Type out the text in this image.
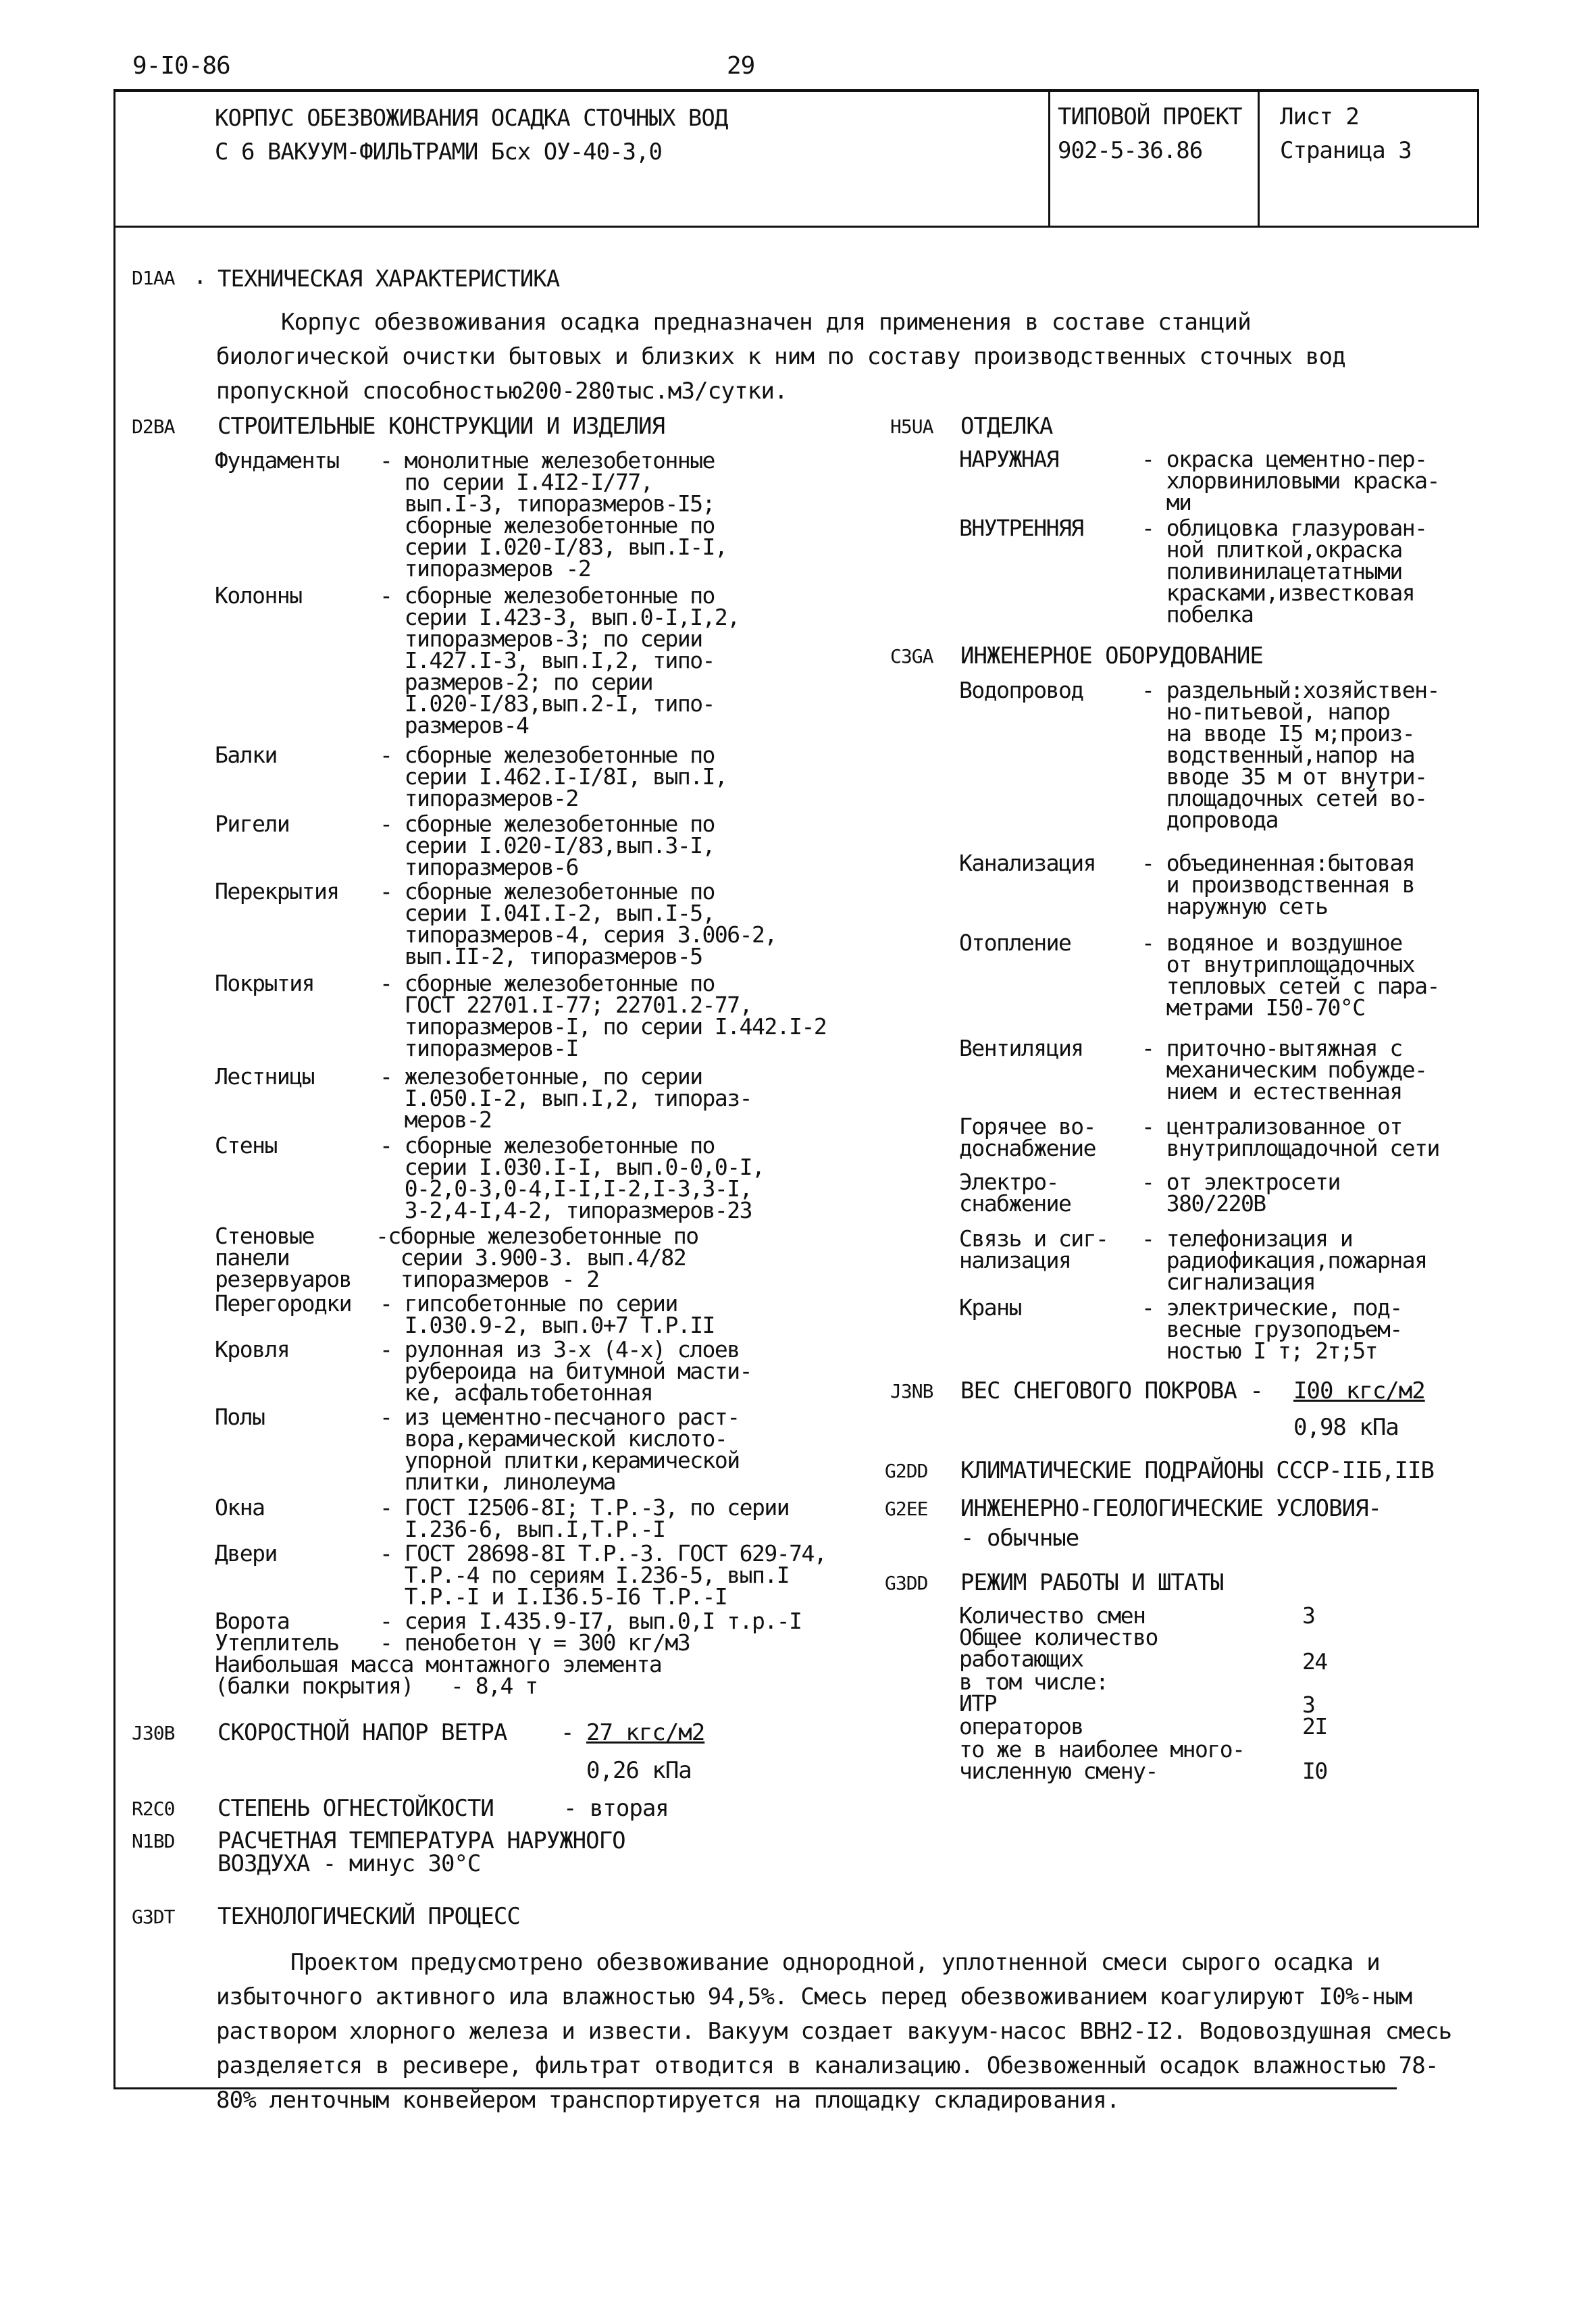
9-I0-86	29
КОРПУС ОБЕЗВОЖИВАНИЯ ОСАДКА СТОЧНЫХ ВОД
С 6 ВАКУУМ-ФИЛЬТРАМИ Бсх ОУ-40-3,0
ТИПОВОЙ ПРОЕКТ
902-5-36.86
Лист 2
Страница 3
D1АА . ТЕХНИЧЕСКАЯ ХАРАКТЕРИСТИКА
Корпус обезвоживания осадка предназначен для применения в составе станций биологической очистки бытовых и близких к ним по составу производственных сточных вод пропускной способностью200-280тыс.м3/сутки.
D2ВА СТРОИТЕЛЬНЫЕ КОНСТРУКЦИИ И ИЗДЕЛИЯ
Фундаменты - монолитные железобетонные
по серии I.4I2-I/77,
вып.I-3, типоразмеров-I5;
сборные железобетонные по
серии I.020-I/83, вып.I-I,
типоразмеров -2
Колонны	- сборные железобетонные по
серии I.423-3, вып.0-I,I,2,
типоразмеров-3; по серии
I.427.I-3, вып.I,2, типо-
размеров-2; по серии
I.020-I/83,вып.2-I, типо-
размеров-4
Балки	- сборные железобетонные по
серии I.462.I-I/8I, вып.I,
типоразмеров-2
Ригели	- сборные железобетонные по
серии I.020-I/83,вып.3-I,
типоразмеров-6
Перекрытия - сборные железобетонные по
серии I.04I.I-2, вып.I-5,
типоразмеров-4, серия 3.006-2,
вып.II-2, типоразмеров-5
Покрытия	- сборные железобетонные по
ГОСТ 22701.I-77; 22701.2-77,
типоразмеров-I, по серии I.442.I-2
типоразмеров-I
Лестницы	- железобетонные, по серии
I.050.I-2, вып.I,2, типораз-
меров-2
Стены	- сборные железобетонные по
серии I.030.I-I, вып.0-0,0-I,
0-2,0-3,0-4,I-I,I-2,I-3,3-I,
3-2,4-I,4-2, типоразмеров-23
Стеновые
панели
резервуаров
-сборные железобетонные по
серии 3.900-3. вып.4/82
типоразмеров - 2
Перегородки - гипсобетонные по серии
I.030.9-2, вып.0+7 Т.Р.II
Кровля	- рулонная из 3-х (4-х) слоев
рубероида на битумной масти-
ке, асфальтобетонная
Полы	- из цементно-песчаного раст-
вора,керамической кислото-
упорной плитки,керамической
плитки, линолеума
Окна	- ГОСТ I2506-8I; Т.Р.-3, по серии
I.236-6, вып.I,Т.Р.-I
Двери	- ГОСТ 28698-8I Т.Р.-3. ГОСТ 629-74,
Т.Р.-4 по сериям I.236-5, вып.I
Т.Р.-I и I.I36.5-I6 Т.Р.-I
Ворота	- серия I.435.9-I7, вып.0,I т.р.-I
Утеплитель - пенобетон γ = 300 кг/м3
Наибольшая масса монтажного элемента
(балки покрытия)   - 8,4 т
J30В СКОРОСТНОЙ НАПОР ВЕТРА - 27 кгс/м2
0,26 кПа
R2С0 СТЕПЕНЬ ОГНЕСТОЙКОСТИ	- вторая
N1ВD РАСЧЕТНАЯ ТЕМПЕРАТУРА НАРУЖНОГО
ВОЗДУХА - минус 30°С
Н5UА ОТДЕЛКА
НАРУЖНАЯ	- окраска цементно-пер-
хлорвиниловыми краска-
ми
ВНУТРЕННЯЯ	- облицовка глазурован-
ной плиткой,окраска
поливинилацетатными
красками,известковая
побелка
С3GА ИНЖЕНЕРНОЕ ОБОРУДОВАНИЕ
Водопровод	- раздельный:хозяйствен-
но-питьевой, напор
на вводе I5 м;произ-
водственный,напор на
вводе 35 м от внутри-
площадочных сетей во-
допровода
Канализация - объединенная:бытовая
и производственная в
наружную сеть
Отопление	- водяное и воздушное
от внутриплощадочных
тепловых сетей с пара-
метрами I50-70°С
Вентиляция	- приточно-вытяжная с
механическим побужде-
нием и естественная
Горячее во-
доснабжение
- централизованное от
внутриплощадочной сети
Электро-
снабжение
- от электросети
380/220В
Связь и сиг-
нализация
- телефонизация и
радиофикация,пожарная
сигнализация
Краны	- электрические, под-
весные грузоподъем-
ностью I т; 2т;5т
J3NВ ВЕС СНЕГОВОГО ПОКРОВА - I00 кгс/м2
0,98 кПа
G2DD КЛИМАТИЧЕСКИЕ ПОДРАЙОНЫ СССР-IIБ,IIВ
G2ЕЕ ИНЖЕНЕРНО-ГЕОЛОГИЧЕСКИЕ УСЛОВИЯ-
- обычные
G3DD РЕЖИМ РАБОТЫ И ШТАТЫ
Количество смен	3
Общее количество
работающих	24
в том числе:
ИТР	3
операторов	2I
то же в наиболее много-
численную смену-	I0
G3DТ ТЕХНОЛОГИЧЕСКИЙ ПРОЦЕСС
Проектом предусмотрено обезвоживание однородной, уплотненной смеси сырого осадка и избыточного активного ила влажностью 94,5%. Смесь перед обезвоживанием коагулируют I0%-ным раствором хлорного железа и извести. Вакуум создает вакуум-насос ВВН2-I2. Водовоздушная смесь разделяется в ресивере, фильтрат отводится в канализацию. Обезвоженный осадок влажностью 78-80% ленточным конвейером транспортируется на площадку складирования.
